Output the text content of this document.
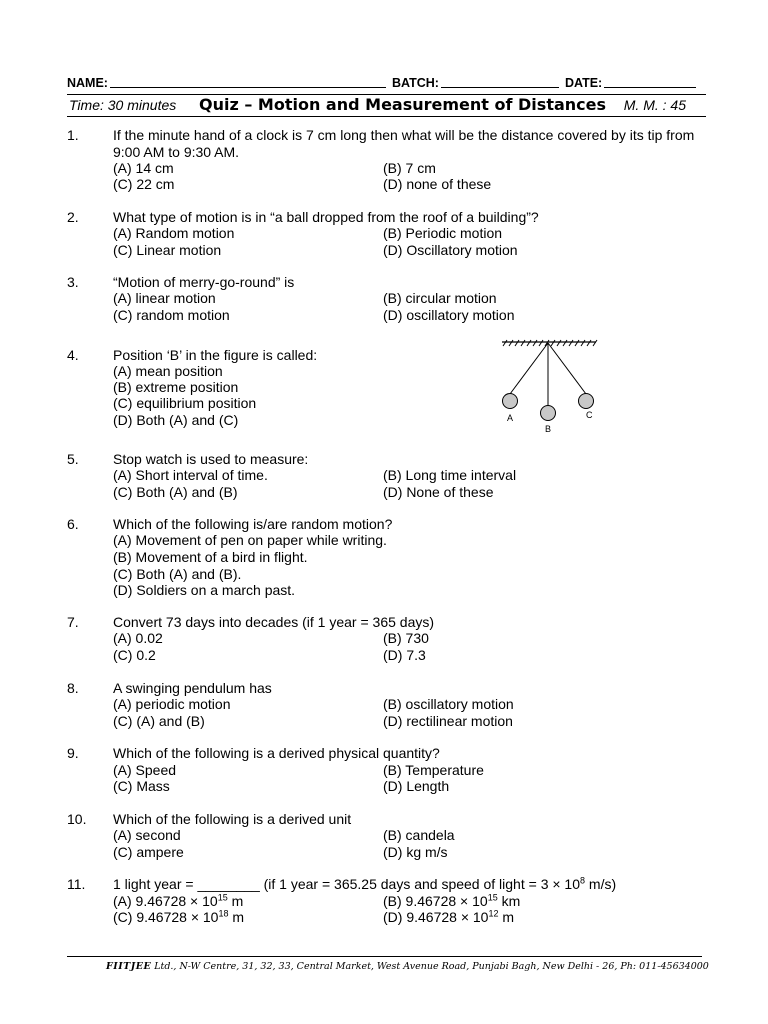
NAME:	BATCH:	DATE:
Time: 30 minutes Quiz – Motion and Measurement of Distances M. M. : 45
1. If the minute hand of a clock is 7 cm long then what will be the distance covered by its tip from 9:00 AM to 9:30 AM.
(A) 14 cm	(B) 7 cm
(C) 22 cm	(D) none of these
2. What type of motion is in “a ball dropped from the roof of a building”?
(A) Random motion	(B) Periodic motion
(C) Linear motion	(D) Oscillatory motion
3. “Motion of merry-go-round” is
(A) linear motion	(B) circular motion
(C) random motion	(D) oscillatory motion
4. Position ‘B’ in the figure is called:
(A) mean position
(B) extreme position
(C) equilibrium position
(D) Both (A) and (C)	A
B
C
5. Stop watch is used to measure:
(A) Short interval of time.	(B) Long time interval
(C) Both (A) and (B)	(D) None of these
6. Which of the following is/are random motion?
(A) Movement of pen on paper while writing.
(B) Movement of a bird in flight.
(C) Both (A) and (B).
(D) Soldiers on a march past.
7. Convert 73 days into decades (if 1 year = 365 days)
(A) 0.02	(B) 730
(C) 0.2	(D) 7.3
8. A swinging pendulum has
(A) periodic motion	(B) oscillatory motion
(C) (A) and (B)	(D) rectilinear motion
9. Which of the following is a derived physical quantity?
(A) Speed	(B) Temperature
(C) Mass	(D) Length
10. Which of the following is a derived unit
(A) second	(B) candela
(C) ampere	(D) kg m/s
11. 1 light year = ________ (if 1 year = 365.25 days and speed of light = $3 \times 10^8$ m/s)
(A) $9.46728 \times 10^{15}$ m	(B) $9.46728 \times 10^{15}$ km
(C) $9.46728 \times 10^{18}$ m	(D) $9.46728 \times 10^{12}$ m
FIITJEE Ltd., N-W Centre, 31, 32, 33, Central Market, West Avenue Road, Punjabi Bagh, New Delhi - 26, Ph: 011-45634000
